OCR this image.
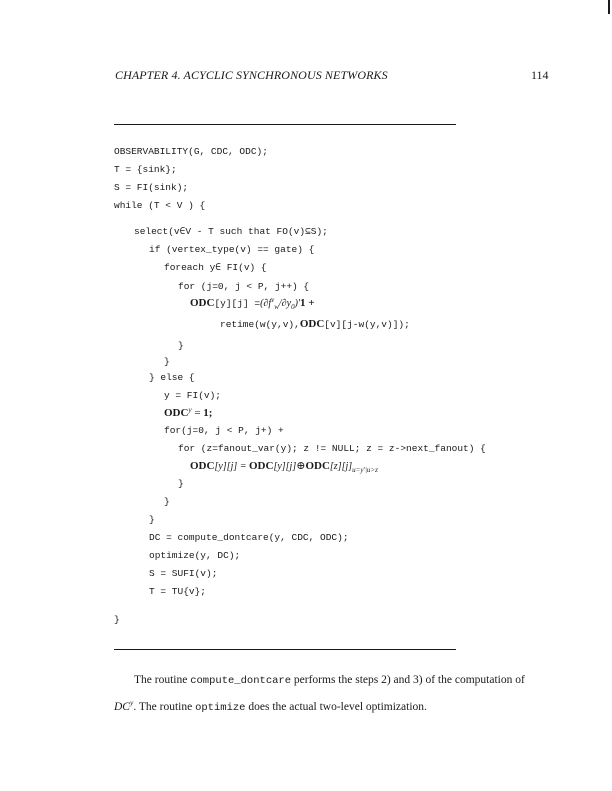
CHAPTER 4. ACYCLIC SYNCHRONOUS NETWORKS	114
OBSERVABILITY(G, CDC, ODC);
T = {sink};
S = FI(sink);
while (T < V ) {
select(v∈V - T such that FO(v)⊆S);
if (vertex_type(v) == gate) {
foreach y∈ FI(v) {
for (j=0, j < P, j++) {
$ODC[y][j] =(\partial f^v_w/\partial y_0)'1$ +
retime(w(y,v),ODC[v][j-w(y,v)]);
}
}
} else {
y = FI(v);
$ODC^y = 1$;
for(j=0, j < P, j+) +
for (z=fanout_var(y); z != NULL; z = z->next_fanout) {
$ODC[y][j] = ODC[y][j]\oplus ODC[z][j]_{u=y'|u>z}$
}
}
}
DC = compute_dontcare(y, CDC, ODC);
optimize(y, DC);
S = SUFI(v);
T = TU{v};
}
The routine compute_dontcare performs the steps 2) and 3) of the computation of $DC^y$. The routine optimize does the actual two-level optimization.
